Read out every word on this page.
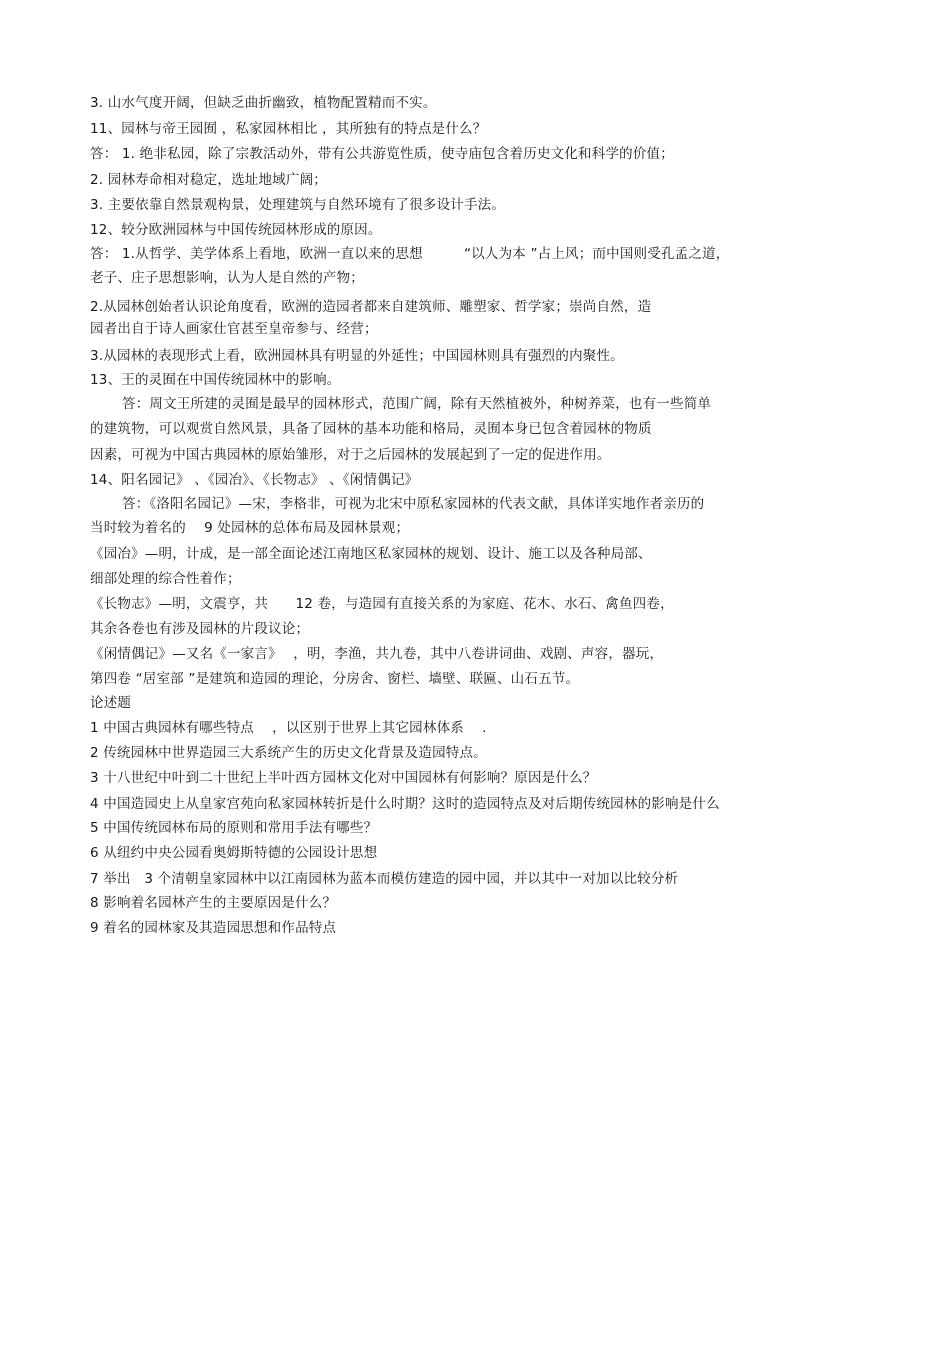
3. 山水气度开阔，但缺乏曲折幽致，植物配置精而不实。
11、园林与帝王园囿 ，私家园林相比 ，其所独有的特点是什么？
答： 1. 绝非私园，除了宗教活动外，带有公共游览性质，使寺庙包含着历史文化和科学的价值；
2. 园林寿命相对稳定，选址地域广阔；
3. 主要依靠自然景观构景，处理建筑与自然环境有了很多设计手法。
12、较分欧洲园林与中国传统园林形成的原因。
答： 1.从哲学、美学体系上看地，欧洲一直以来的思想　　　“以人为本 ”占上风；而中国则受孔孟之道，
老子、庄子思想影响，认为人是自然的产物；
2.从园林创始者认识论角度看，欧洲的造园者都来自建筑师、雕塑家、哲学家；崇尚自然，造
园者出自于诗人画家仕官甚至皇帝参与、经营；
3.从园林的表现形式上看，欧洲园林具有明显的外延性；中国园林则具有强烈的内聚性。
13、王的灵囿在中国传统园林中的影响。
答：周文王所建的灵囿是最早的园林形式，范围广阔，除有天然植被外，种树养菜，也有一些简单
的建筑物，可以观赏自然风景，具备了园林的基本功能和格局，灵囿本身已包含着园林的物质
因素，可视为中国古典园林的原始雏形，对于之后园林的发展起到了一定的促进作用。
14、阳名园记》 、《园冶》、《长物志》 、《闲情偶记》
答：《洛阳名园记》—宋，李格非，可视为北宋中原私家园林的代表文献，具体详实地作者亲历的
当时较为着名的　 9 处园林的总体布局及园林景观；
《园冶》—明，计成，是一部全面论述江南地区私家园林的规划、设计、施工以及各种局部、
细部处理的综合性着作；
《长物志》—明，文震亨，共　　12 卷，与造园有直接关系的为家庭、花木、水石、禽鱼四卷，
其余各卷也有涉及园林的片段议论；
《闲情偶记》—又名《一家言》　 ，明，李渔，共九卷，其中八卷讲词曲、戏剧、声容，器玩，
第四卷 “居室部 ”是建筑和造园的理论，分房舍、窗栏、墙壁、联匾、山石五节。
论述题
1 中国古典园林有哪些特点　 ，以区别于世界上其它园林体系　 .
2 传统园林中世界造园三大系统产生的历史文化背景及造园特点。
3 十八世纪中叶到二十世纪上半叶西方园林文化对中国园林有何影响？原因是什么？
4 中国造园史上从皇家宫苑向私家园林转折是什么时期？这时的造园特点及对后期传统园林的影响是什么
5 中国传统园林布局的原则和常用手法有哪些？
6 从纽约中央公园看奥姆斯特德的公园设计思想
7 举出　3 个清朝皇家园林中以江南园林为蓝本而模仿建造的园中园，并以其中一对加以比较分析
8 影响着名园林产生的主要原因是什么？
9 着名的园林家及其造园思想和作品特点
